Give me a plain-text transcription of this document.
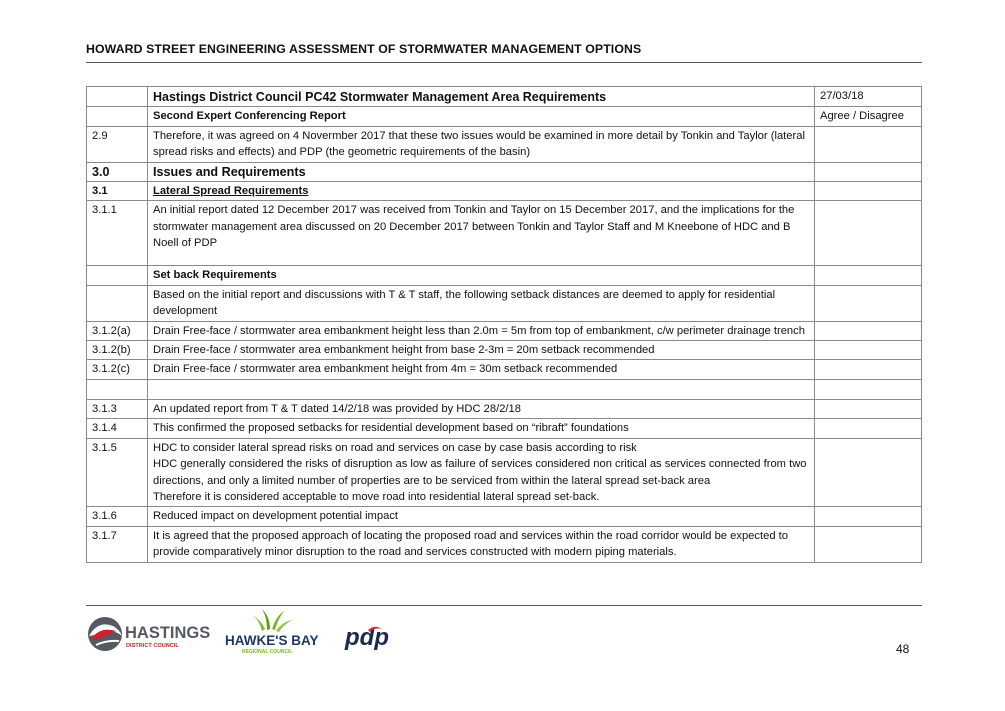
HOWARD STREET ENGINEERING ASSESSMENT OF STORMWATER MANAGEMENT OPTIONS
	Hastings District Council PC42 Stormwater Management Area Requirements	27/03/18
	Second Expert Conferencing Report	Agree / Disagree
2.9	Therefore, it was agreed on 4 Novermber 2017 that these two issues would be examined in more detail by Tonkin and Taylor (lateral spread risks and effects) and PDP (the geometric requirements of the basin)	
3.0	Issues and Requirements	
3.1	Lateral Spread Requirements	
3.1.1	An initial report dated 12 December 2017 was received from Tonkin and Taylor on 15 December 2017, and the implications for the stormwater management area discussed on 20 December 2017 between Tonkin and Taylor Staff and M Kneebone of HDC and B Noell of PDP	
	Set back Requirements	
	Based on the initial report and discussions with T & T staff, the following setback distances are deemed to apply for residential development	
3.1.2(a)	Drain Free-face / stormwater area embankment height less than 2.0m = 5m from top of embankment, c/w perimeter drainage trench	
3.1.2(b)	Drain Free-face / stormwater area embankment height from base 2-3m = 20m setback recommended	
3.1.2(c)	Drain Free-face / stormwater area embankment height from 4m = 30m setback recommended	

3.1.3	An updated report from T & T dated 14/2/18 was provided by HDC 28/2/18	
3.1.4	This confirmed the proposed setbacks for residential development based on “ribraft” foundations	
3.1.5	HDC to consider lateral spread risks on road and services on case by case basis according to risk
HDC generally considered the risks of disruption as low as failure of services considered non critical as services connected from two directions, and only a limited number of properties are to be serviced from within the lateral spread set-back area
Therefore it is considered acceptable to move road into residential lateral spread set-back.	

3.1.6	Reduced impact on development potential impact	
3.1.7	It is agreed that the proposed approach of locating the proposed road and services within the road corridor would be expected to provide comparatively minor disruption to the road and services constructed with modern piping materials.	
HASTINGS
DISTRICT COUNCIL	HAWKE'S BAY
REGIONAL COUNCIL
pdp	48
